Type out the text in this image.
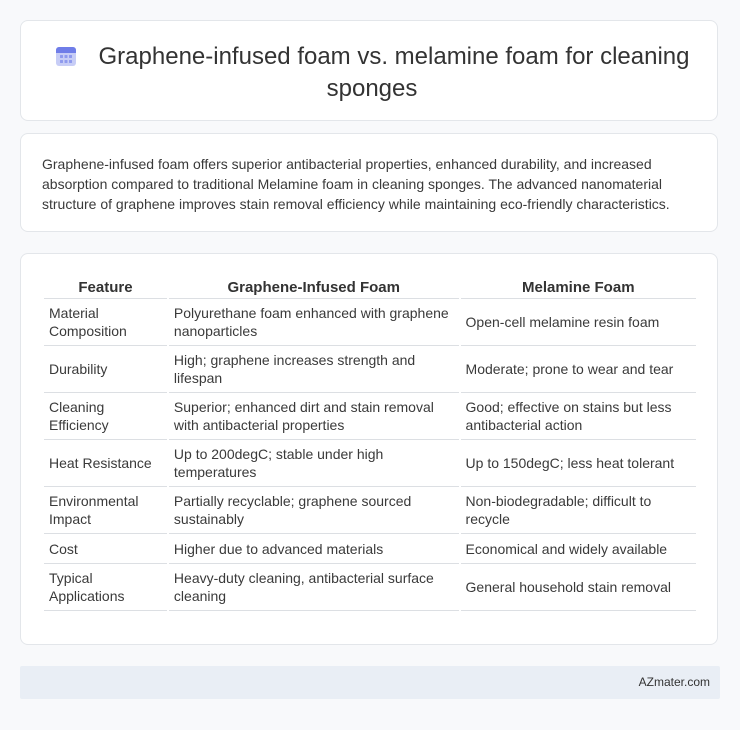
Graphene-infused foam vs. melamine foam for cleaning sponges
Graphene-infused foam offers superior antibacterial properties, enhanced durability, and increased absorption compared to traditional Melamine foam in cleaning sponges. The advanced nanomaterial structure of graphene improves stain removal efficiency while maintaining eco-friendly characteristics.
Feature	Graphene-Infused Foam	Melamine Foam
Material Composition	Polyurethane foam enhanced with graphene nanoparticles	Open-cell melamine resin foam
Durability	High; graphene increases strength and lifespan	Moderate; prone to wear and tear
Cleaning Efficiency	Superior; enhanced dirt and stain removal with antibacterial properties	Good; effective on stains but less antibacterial action
Heat Resistance	Up to 200degC; stable under high temperatures	Up to 150degC; less heat tolerant
Environmental Impact	Partially recyclable; graphene sourced sustainably	Non-biodegradable; difficult to recycle
Cost	Higher due to advanced materials	Economical and widely available
Typical Applications	Heavy-duty cleaning, antibacterial surface cleaning	General household stain removal
AZmater.com
